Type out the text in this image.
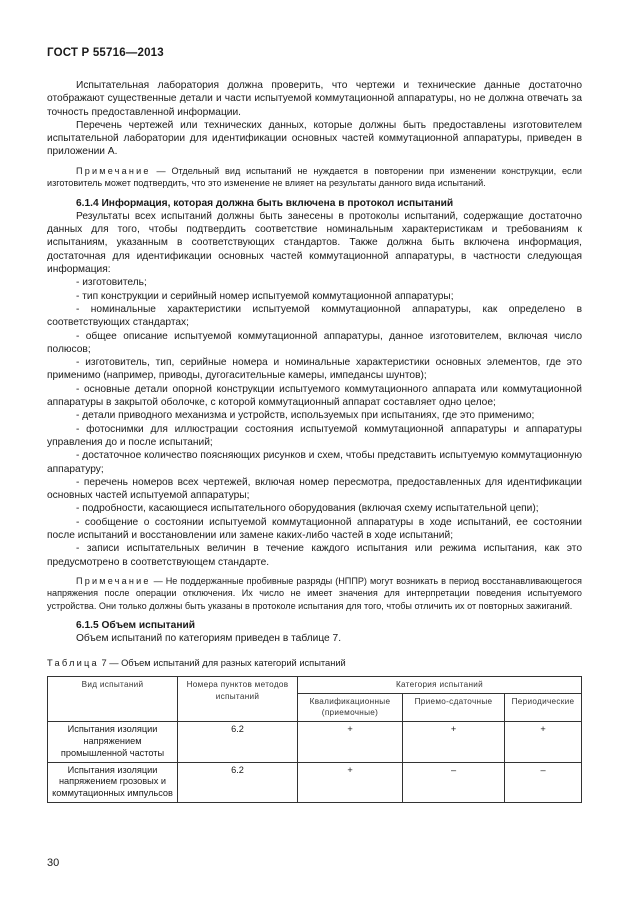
ГОСТ Р 55716—2013

Испытательная лаборатория должна проверить, что чертежи и технические данные достаточно отображают существенные детали и части испытуемой коммутационной аппаратуры, но не должна отвечать за точность предоставленной информации.

Перечень чертежей или технических данных, которые должны быть предоставлены изготовителем испытательной лаборатории для идентификации основных частей коммутационной аппаратуры, приведен в приложении А.

Примечание — Отдельный вид испытаний не нуждается в повторении при изменении конструкции, если изготовитель может подтвердить, что это изменение не влияет на результаты данного вида испытаний.

6.1.4 Информация, которая должна быть включена в протокол испытаний

Результаты всех испытаний должны быть занесены в протоколы испытаний, содержащие достаточно данных для того, чтобы подтвердить соответствие номинальным характеристикам и требованиям к испытаниям, указанным в соответствующих стандартов. Также должна быть включена информация, достаточная для идентификации основных частей коммутационной аппаратуры, в частности следующая информация:

- изготовитель;

- тип конструкции и серийный номер испытуемой коммутационной аппаратуры;

- номинальные характеристики испытуемой коммутационной аппаратуры, как определено в соответствующих стандартах;

- общее описание испытуемой коммутационной аппаратуры, данное изготовителем, включая число полюсов;

- изготовитель, тип, серийные номера и номинальные характеристики основных элементов, где это применимо (например, приводы, дугогасительные камеры, импедансы шунтов);

- основные детали опорной конструкции испытуемого коммутационного аппарата или коммутационной аппаратуры в закрытой оболочке, с которой коммутационный аппарат составляет одно целое;

- детали приводного механизма и устройств, используемых при испытаниях, где это применимо;

- фотоснимки для иллюстрации состояния испытуемой коммутационной аппаратуры и аппаратуры управления до и после испытаний;

- достаточное количество поясняющих рисунков и схем, чтобы представить испытуемую коммутационную аппаратуру;

- перечень номеров всех чертежей, включая номер пересмотра, предоставленных для идентификации основных частей испытуемой аппаратуры;

- подробности, касающиеся испытательного оборудования (включая схему испытательной цепи);

- сообщение о состоянии испытуемой коммутационной аппаратуры в ходе испытаний, ее состоянии после испытаний и восстановлении или замене каких-либо частей в ходе испытаний;

- записи испытательных величин в течение каждого испытания или режима испытания, как это предусмотрено в соответствующем стандарте.

Примечание — Не поддержанные пробивные разряды (НППР) могут возникать в период восстанавливающегося напряжения после операции отключения. Их число не имеет значения для интерпретации поведения испытуемого устройства. Они только должны быть указаны в протоколе испытания для того, чтобы отличить их от повторных зажиганий.

6.1.5 Объем испытаний

Объем испытаний по категориям приведен в таблице 7.

Таблица 7 — Объем испытаний для разных категорий испытаний

Вид испытаний	Номера пунктов методов испытаний	Категория испытаний		
		Квалификационные (приемочные)	Приемо-сдаточные	Периодические
Испытания изоляции напряжением промышленной частоты	6.2	+	+	+
Испытания изоляции напряжением грозовых и коммутационных импульсов	6.2	+	–	–
30
